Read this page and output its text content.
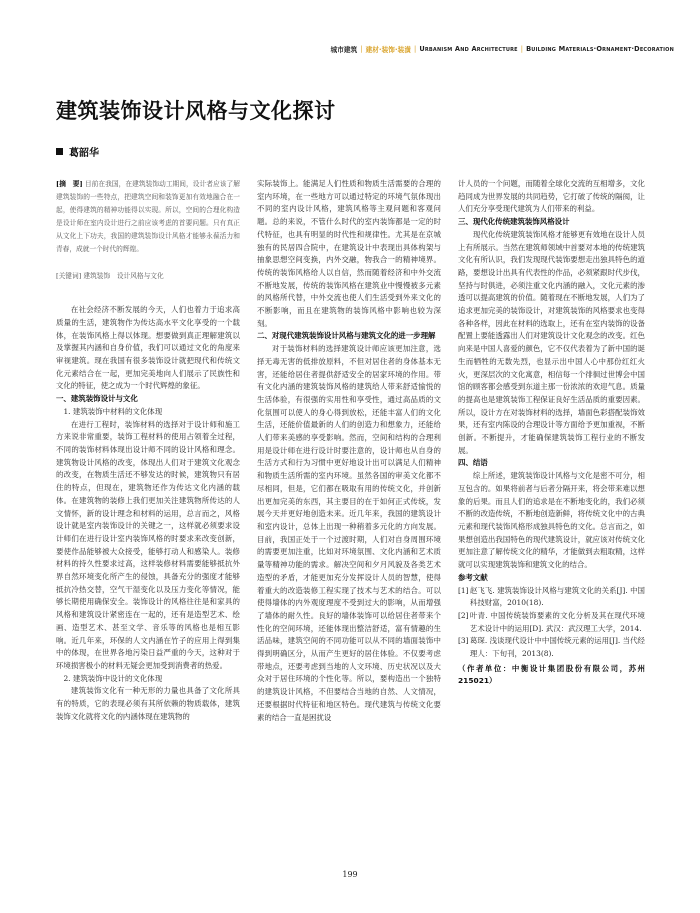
城市建筑 | 建材·装饰·装潢 | Urbanism And Architecture | Building Materials·Ornament·Decoration
建筑装饰设计风格与文化探讨
葛韶华

[摘　要] 目前在我国，在建筑装饰动工期间，设计者应该了解建筑装饰的一些特点，把建筑空间和装饰更加有效地融合在一起，使得建筑的精神功能得以实现。所以，空间的合理化构造是设计师在室内设计进行之前应该考虑的首要问题。只有真正从文化上下功夫，我国的建筑装饰设计风格才能够永葆活力和青春，成就一个时代的辉煌。

[关键词] 建筑装饰　设计风格与文化

在社会经济不断发展的今天，人们也着力于追求高质量的生活，建筑物作为传达高水平文化享受的一个载体，在装饰风格上得以体现。想要做到真正理解建筑以及掌握其内涵和自身价值，我们可以通过文化的角度来审视建筑。现在我国有很多装饰设计就把现代和传统文化元素结合在一起，更加完美地向人们展示了民族性和文化的特征，使之成为一个时代辉煌的象征。

一、建筑装饰设计与文化

1. 建筑装饰中材料的文化体现

在进行工程时，装饰材料的选择对于设计师和施工方来说非常重要，装饰工程材料的使用占领着全过程，不同的装饰材料体现出设计师不同的设计风格和理念。建筑物设计风格的改变，体现出人们对于建筑文化观念的改变，在物质生活还不够发达的时候，建筑物只有居住的特点，但现在，建筑物还作为传达文化内涵的载体。在建筑物的装修上我们更加关注建筑物所传达的人文情怀，新的设计理念和材料的运用，总言而之，风格设计就是室内装饰设计的关键之一，这样就必须要求设计师们在进行设计室内装饰风格的时要求来改变创新，要使作品能够被大众接受，能够打动人和感染人。装修材料的持久性要求过高，这样装修材料需要能够抵抗外界自然环境变化所产生的侵蚀，具备充分的强度才能够抵抗冷热交替，空气干湿变化以及压力变化等情况，能够长期使用确保安全。装饰设计的风格往往是和家具的风格和建筑设计紧密连在一起的，还有是造型艺术、绘画、造型艺术、甚至文学、音乐等的风格也是相互影响。近几年来，环保的人文内涵在竹子的应用上得到集中的体现，在世界各地污染日益严重的今天，这种对于环境损害极小的材料无疑会更加受到消费者的热爱。

2. 建筑装饰中设计的文化体现

建筑装饰文化有一种无形的力量也具备了文化所具有的特质，它的表现必须有其所依赖的物质载体，建筑装饰文化就将文化的内涵体现在建筑物的

实际装饰上。能满足人们性质和物质生活需要的合理的室内环境，在一些地方可以通过特定的环境气氛体现出不同的室内设计风格，建筑风格等主观问题和客观问题。总的来说，不管什么时代的室内装饰都是一定的时代特征，也具有明显的时代性和规律性。尤其是在京城独有的民居四合院中，在建筑设计中表现出具体构架与抽象思想空间变换，内外交融，物我合一的精神境界。传统的装饰风格给人以自信，然而随着经济和中外交流不断地发展，传统的装饰风格在建筑业中慢慢被多元素的风格所代替，中外交流也使人们生活受到外来文化的不断影响，而且在建筑物的装饰风格中影响也较为深刻。

二、对现代建筑装饰设计风格与建筑文化的进一步理解

对于装饰材料的选择建筑设计师应该更加注意，选择无毒无害的低排放原料，不但对居住者的身体基本无害，还能给居住者提供舒适安全的居家环境的作用。带有文化内涵的建筑装饰风格的建筑给人带来舒适愉悦的生活体验，有很强的实用性和享受性，通过高品质的文化氛围可以使人的身心得到放松，还能丰富人们的文化生活，还能价值最新的人们的创造力和想象力，还能给人们带来美感的享受影响。然而，空间和结构的合理利用是设计师在进行设计时要注意的，设计师也从自身的生活方式和行为习惯中更好地设计出可以满足人们精神和物质生活所需的室内环境。虽然各国的审美文化都不尽相同，但是，它们都在吸取有用的传统文化，并创新出更加完美的东西，其主要目的在于如何正式传统，发展今天并更好地创造未来。近几年来，我国的建筑设计和室内设计，总体上出现一种稍着多元化的方向发展。目前，我国正处于一个过渡时期，人们对自身周围环境的需要更加注重，比如对环境氛围、文化内涵和艺术质量等精神功能的需求。解决空间和夕月风貌及各类艺术造型的矛盾，才能更加充分发挥设计人员的智慧，使得着重大的改造装修工程实现了技术与艺术的结合。可以使得墙体的内外观度理度不受到过大的影响，从而增强了墙体的耐久性。良好的墙体装饰可以给居住者带来个性化的空间环境，还能体现出整洁舒适，富有情趣的生活品味，建筑空间的不同功能可以从不同的墙面装饰中得到明确区分，从而产生更好的居住体验。不仅要考虑带地点，还要考虑到当地的人文环境、历史状况以及大众对于居住环境的个性化等。所以，要构造出一个独特的建筑设计风格，不但要结合当地的自然、人文情况，还要根据时代特征和地区特色。现代建筑与传统文化要素的结合一直是困扰设

计人员的一个问题，而随着全球化交流的互相增多，文化趋同成为世界发展的共同趋势，它打破了传统的隔阂，让人们充分享受现代建筑为人们带来的利益。

三、现代化传统建筑装饰风格设计

现代化传统建筑装饰风格才能够更有效地在设计人员上有所展示。当然在建筑师领域中首要对本地的传统建筑文化有所认识，我们发现现代装饰要想走出独具特色的道路，要想设计出具有代表性的作品，必须紧跟时代步伐，坚持与时俱进，必须注重文化内涵的融入，文化元素的渗透可以提高建筑的价值。随着现在不断地发展，人们为了追求更加完美的装饰设计，对建筑装饰的风格要求也变得各种各样，因此在材料的选取上，还有在室内装饰的设备配置上要能透露出人们对建筑设计文化观念的改变。红色向来是中国人喜爱的颜色，它不仅代表着为了新中国的诞生而牺牲的无数先烈，也显示出中国人心中那份红红火火，更深层次的文化寓意，相信每一个徘徊过世博会中国馆的顾客都会感受到东道主那一份浓浓的欢迎气息。质量的提高也是建筑装饰工程保证良好生活品质的重要因素。所以，设计方在对装饰材料的选择，墙面色彩搭配装饰效果，还有室内陈设的合理设计等方面给予更加重视，不断创新。不断提升，才能确保建筑装饰工程行业的不断发展。

四、结语

综上所述，建筑装饰设计风格与文化是密不可分，相互包含的。如果将前者与后者分隔开来，将会带来难以想象的后果。而且人们的追求是在不断地变化的，我们必须不断的改造传统，不断地创造新鲜，将传统文化中的古典元素和现代装饰风格形成独具特色的文化。总言而之，如果想创造出我国特色的现代建筑设计，就应该对传统文化更加注意了解传统文化的精华，才能做到去粗取精，这样就可以实现建筑装饰和建筑文化的结合。

参考文献

[1] 赵飞飞. 建筑装饰设计风格与建筑文化的关系[J]. 中国科技财富，2010(18).

[2] 叶青. 中国传统装饰要素的文化分析及其在现代环境艺术设计中的运用[D]. 武汉：武汉理工大学，2014.

[3] 葛琛. 浅谈现代设计中中国传统元素的运用[J]. 当代经理人：下旬刊，2013(8).

（作者单位：中衡设计集团股份有限公司，苏州215021）

199
